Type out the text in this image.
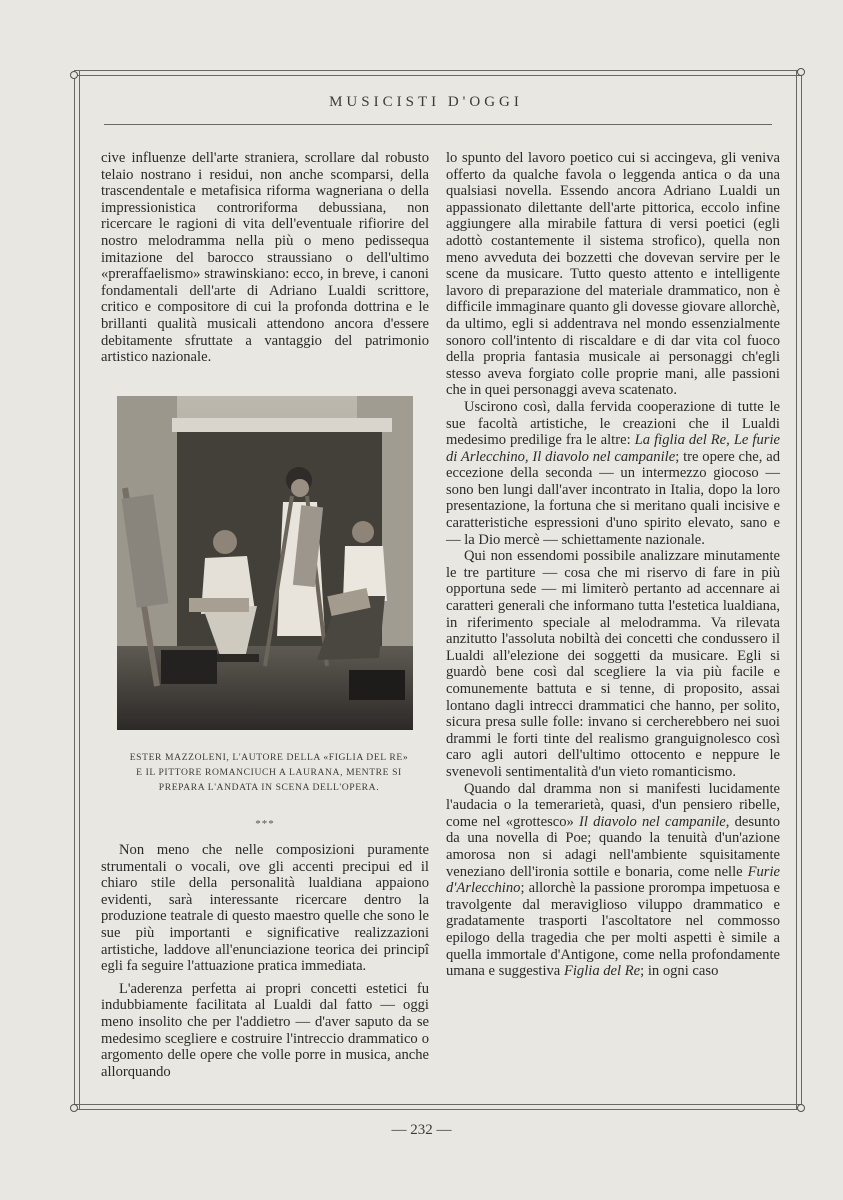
MUSICISTI D'OGGI

cive influenze dell'arte straniera, scrollare dal robusto telaio nostrano i residui, non anche scomparsi, della trascendentale e metafisica riforma wagneriana o della impressionistica controriforma debussiana, non ricercare le ragioni di vita dell'eventuale rifiorire del nostro melodramma nella più o meno pedissequa imitazione del barocco straussiano o dell'ultimo «preraffaelismo» strawinskiano: ecco, in breve, i canoni fondamentali dell'arte di Adriano Lualdi scrittore, critico e compositore di cui la profonda dottrina e le brillanti qualità musicali attendono ancora d'essere debitamente sfruttate a vantaggio del patrimonio artistico nazionale.

ESTER MAZZOLENI, L'AUTORE DELLA «FIGLIA DEL RE»
E IL PITTORE ROMANCIUCH A LAURANA, MENTRE SI
PREPARA L'ANDATA IN SCENA DELL'OPERA.
***

Non meno che nelle composizioni puramente strumentali o vocali, ove gli accenti precipui ed il chiaro stile della personalità lualdiana appaiono evidenti, sarà interessante ricercare dentro la produzione teatrale di questo maestro quelle che sono le sue più importanti e significative realizzazioni artistiche, laddove all'enunciazione teorica dei principî egli fa seguire l'attuazione pratica immediata.

L'aderenza perfetta ai propri concetti estetici fu indubbiamente facilitata al Lualdi dal fatto — oggi meno insolito che per l'addietro — d'aver saputo da se medesimo scegliere e costruire l'intreccio drammatico o argomento delle opere che volle porre in musica, anche allorquando

lo spunto del lavoro poetico cui si accingeva, gli veniva offerto da qualche favola o leggenda antica o da una qualsiasi novella. Essendo ancora Adriano Lualdi un appassionato dilettante dell'arte pittorica, eccolo infine aggiungere alla mirabile fattura di versi poetici (egli adottò costantemente il sistema strofico), quella non meno avveduta dei bozzetti che dovevan servire per le scene da musicare. Tutto questo attento e intelligente lavoro di preparazione del materiale drammatico, non è difficile immaginare quanto gli dovesse giovare allorchè, da ultimo, egli si addentrava nel mondo essenzialmente sonoro coll'intento di riscaldare e di dar vita col fuoco della propria fantasia musicale ai personaggi ch'egli stesso aveva forgiato colle proprie mani, alle passioni che in quei personaggi aveva scatenato.

Uscirono così, dalla fervida cooperazione di tutte le sue facoltà artistiche, le creazioni che il Lualdi medesimo predilige fra le altre: La figlia del Re, Le furie di Arlecchino, Il diavolo nel campanile; tre opere che, ad eccezione della seconda — un intermezzo giocoso — sono ben lungi dall'aver incontrato in Italia, dopo la loro presentazione, la fortuna che si meritano quali incisive e caratteristiche espressioni d'uno spirito elevato, sano e — la Dio mercè — schiettamente nazionale.

Qui non essendomi possibile analizzare minutamente le tre partiture — cosa che mi riservo di fare in più opportuna sede — mi limiterò pertanto ad accennare ai caratteri generali che informano tutta l'estetica lualdiana, in riferimento speciale al melodramma. Va rilevata anzitutto l'assoluta nobiltà dei concetti che condussero il Lualdi all'elezione dei soggetti da musicare. Egli si guardò bene così dal scegliere la via più facile e comunemente battuta e si tenne, di proposito, assai lontano dagli intrecci drammatici che hanno, per solito, sicura presa sulle folle: invano si cercherebbero nei suoi drammi le forti tinte del realismo granguignolesco così caro agli autori dell'ultimo ottocento e neppure le svenevoli sentimentalità d'un vieto romanticismo.

Quando dal dramma non si manifesti lucidamente l'audacia o la temerarietà, quasi, d'un pensiero ribelle, come nel «grottesco» Il diavolo nel campanile, desunto da una novella di Poe; quando la tenuità d'un'azione amorosa non si adagi nell'ambiente squisitamente veneziano dell'ironia sottile e bonaria, come nelle Furie d'Arlecchino; allorchè la passione prorompa impetuosa e travolgente dal meraviglioso viluppo drammatico e gradatamente trasporti l'ascoltatore nel commosso epilogo della tragedia che per molti aspetti è simile a quella immortale d'Antigone, come nella profondamente umana e suggestiva Figlia del Re; in ogni caso

— 232 —
